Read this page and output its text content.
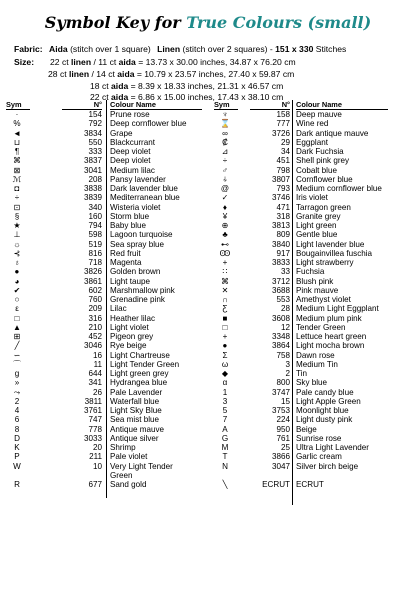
Symbol Key for True Colours (small)
Fabric: Aida (stitch over 1 square) Linen (stitch over 2 squares) - 151 x 330 Stitches
Size: 22 ct linen / 11 ct aida = 13.73 x 30.00 inches, 34.87 x 76.20 cm
28 ct linen / 14 ct aida = 10.79 x 23.57 inches, 27.40 x 59.87 cm
18 ct aida = 8.39 x 18.33 inches, 21.31 x 46.57 cm
22 ct aida = 6.86 x 15.00 inches, 17.43 x 38.10 cm
Sym	N° Colour Name	Sym	N° Colour Name
·	154 Prune rose
%	792 Deep cornflower blue
◄	3834 Grape
⊔	550 Blackcurrant
¶	333 Deep violet
⌘	3837 Deep violet
⊠	3041 Medium lilac
ℳ	208 Pansy lavender
◘	3838 Dark lavender blue
÷	3839 Mediterranean blue
⊡	340 Wisteria violet
§	160 Storm blue
★	794 Baby blue
⊥	598 Lagoon turquoise
☼	519 Sea spray blue
⊰	816 Red fruit
♁	718 Magenta
●	3826 Golden brown
◕	3861 Light taupe
✔	602 Marshmallow pink
○	760 Grenadine pink
ε	209 Lilac
□	316 Heather lilac
▲	210 Light violet
⊞	452 Pigeon grey
╱	3046 Rye beige
∽	16 Light Chartreuse
⌒	11 Light Tender Green
g	644 Light green grey
»	341 Hydrangea blue
⤳	26 Pale Lavender
2	3811 Waterfall blue
4	3761 Light Sky Blue
6	747 Sea mist blue
8	778 Antique mauve
D	3033 Antique silver
K	20 Shrimp
P	211 Pale violet
W	10 Very Light Tender
Green
R	677 Sand gold
♆	158 Deep mauve
⌛	777 Wine red
∞	3726 Dark antique mauve
₡	29 Eggplant
⊿	34 Dark Fuchsia
÷	451 Shell pink grey
♂	798 Cobalt blue
⍭	3807 Cornflower blue
@	793 Medium cornflower blue
✓	3746 Iris violet
♦	471 Tarragon green
¥	318 Granite grey
⊕	3813 Light green
♣	809 Gentle blue
⊷	3840 Light lavender blue
Ꙭ	917 Bougainvillea fuschia
+	3833 Light strawberry
∷	33 Fuchsia
⌘	3712 Blush pink
✕	3688 Pink mauve
∩	553 Amethyst violet
Ƹ	28 Medium Light Eggplant
■	3608 Medium plum pink
□	12 Tender Green
+	3348 Lettuce heart green
●	3864 Light mocha brown
Σ	758 Dawn rose
ω	3 Medium Tin
◆	2 Tin
α	800 Sky blue
1	3747 Pale candy blue
3	15 Light Apple Green
5	3753 Moonlight blue
7	224 Light dusty pink
A	950 Beige
G	761 Sunrise rose
M	25 Ultra Light Lavender
T	3866 Garlic cream
N	3047 Silver birch beige
╲	ECRUT ECRUT
